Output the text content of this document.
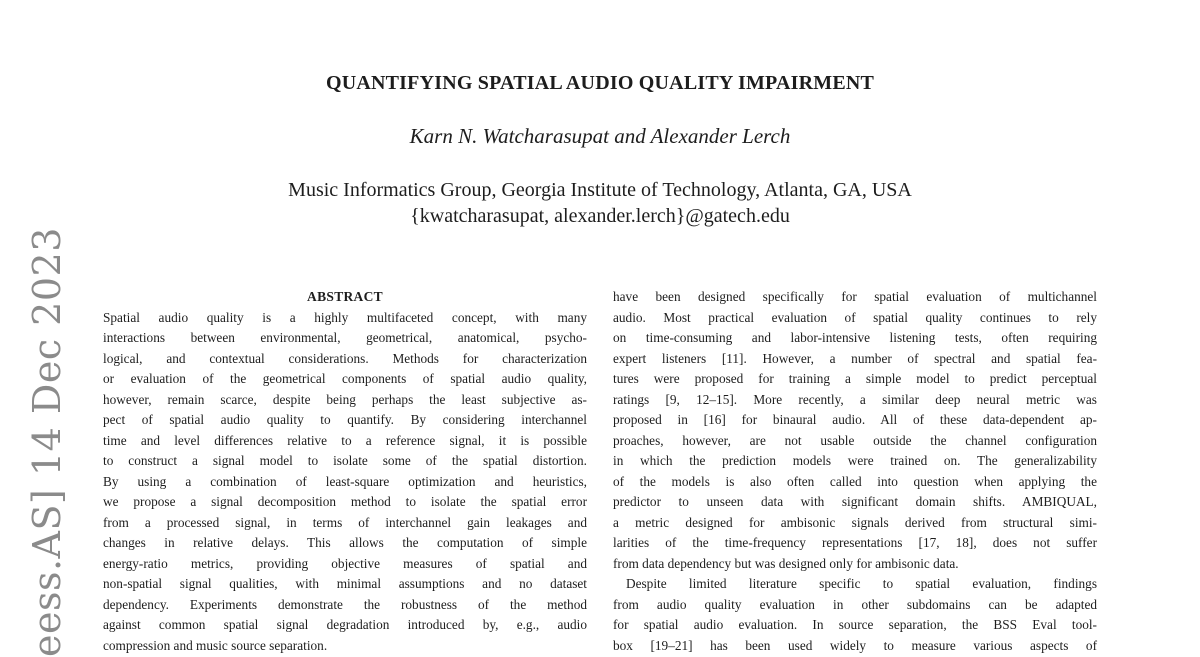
eess.AS] 14 Dec 2023
QUANTIFYING SPATIAL AUDIO QUALITY IMPAIRMENT
Karn N. Watcharasupat and Alexander Lerch
Music Informatics Group, Georgia Institute of Technology, Atlanta, GA, USA
{kwatcharasupat, alexander.lerch}@gatech.edu
ABSTRACT
Spatial audio quality is a highly multifaceted concept, with many
interactions between environmental, geometrical, anatomical, psycho-
logical, and contextual considerations. Methods for characterization
or evaluation of the geometrical components of spatial audio quality,
however, remain scarce, despite being perhaps the least subjective as-
pect of spatial audio quality to quantify. By considering interchannel
time and level differences relative to a reference signal, it is possible
to construct a signal model to isolate some of the spatial distortion.
By using a combination of least-square optimization and heuristics,
we propose a signal decomposition method to isolate the spatial error
from a processed signal, in terms of interchannel gain leakages and
changes in relative delays. This allows the computation of simple
energy-ratio metrics, providing objective measures of spatial and
non-spatial signal qualities, with minimal assumptions and no dataset
dependency. Experiments demonstrate the robustness of the method
against common spatial signal degradation introduced by, e.g., audio
compression and music source separation.
have been designed specifically for spatial evaluation of multichannel
audio. Most practical evaluation of spatial quality continues to rely
on time-consuming and labor-intensive listening tests, often requiring
expert listeners [11]. However, a number of spectral and spatial fea-
tures were proposed for training a simple model to predict perceptual
ratings [9, 12–15]. More recently, a similar deep neural metric was
proposed in [16] for binaural audio. All of these data-dependent ap-
proaches, however, are not usable outside the channel configuration
in which the prediction models were trained on. The generalizability
of the models is also often called into question when applying the
predictor to unseen data with significant domain shifts. AMBIQUAL,
a metric designed for ambisonic signals derived from structural simi-
larities of the time-frequency representations [17, 18], does not suffer
from data dependency but was designed only for ambisonic data.
Despite limited literature specific to spatial evaluation, findings
from audio quality evaluation in other subdomains can be adapted
for spatial audio evaluation. In source separation, the BSS Eval tool-
box [19–21] has been used widely to measure various aspects of
